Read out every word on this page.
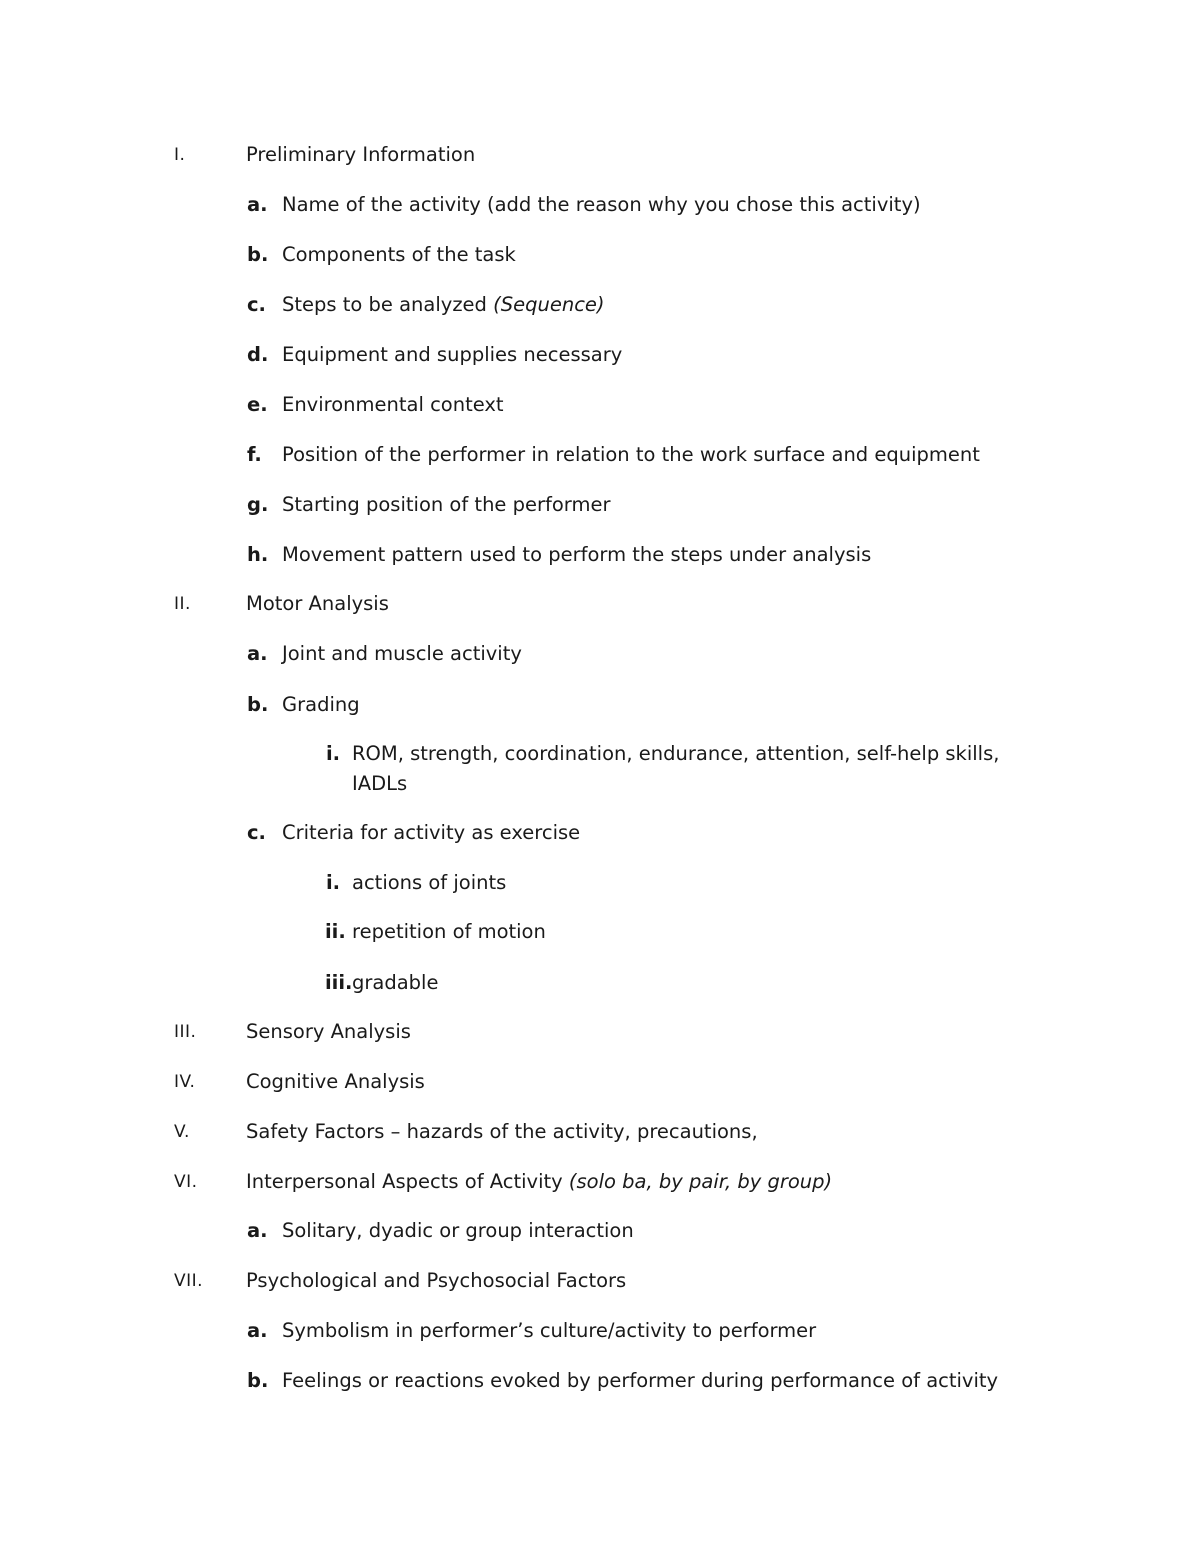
I.	Preliminary Information
a. Name of the activity (add the reason why you chose this activity)
b. Components of the task
c. Steps to be analyzed (Sequence)
d. Equipment and supplies necessary
e. Environmental context
f. Position of the performer in relation to the work surface and equipment
g. Starting position of the performer
h. Movement pattern used to perform the steps under analysis
II.	Motor Analysis
a. Joint and muscle activity
b. Grading
i. ROM, strength, coordination, endurance, attention, self-help skills,
IADLs
c. Criteria for activity as exercise
i. actions of joints
ii. repetition of motion
iii. gradable
III.	Sensory Analysis
IV.	Cognitive Analysis
V.	Safety Factors – hazards of the activity, precautions,
VI. Interpersonal Aspects of Activity (solo ba, by pair, by group)
a. Solitary, dyadic or group interaction
VII. Psychological and Psychosocial Factors
a. Symbolism in performer’s culture/activity to performer
b. Feelings or reactions evoked by performer during performance of activity
